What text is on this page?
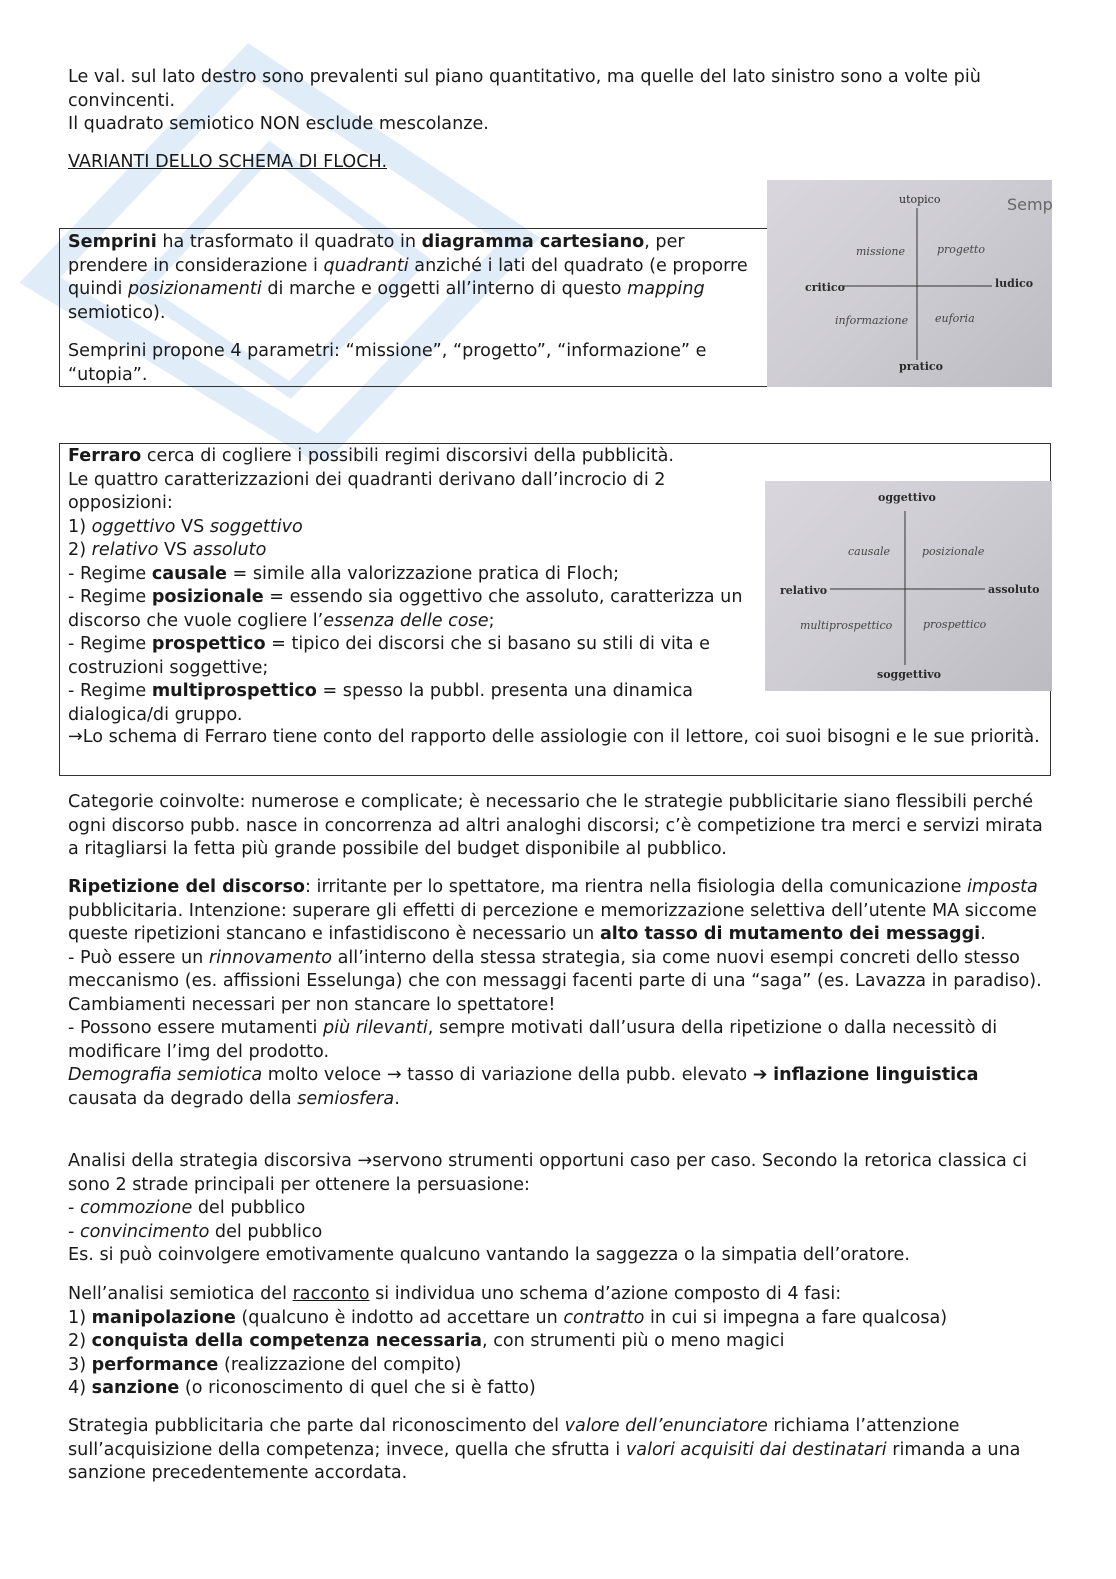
Le val. sul lato destro sono prevalenti sul piano quantitativo, ma quelle del lato sinistro sono a volte più convincenti.

Il quadrato semiotico NON esclude mescolanze.

VARIANTI DELLO SCHEMA DI FLOCH.

Semprini ha trasformato il quadrato in diagramma cartesiano, per prendere in considerazione i quadranti anziché i lati del quadrato (e proporre quindi posizionamenti di marche e oggetti all’interno di questo mapping semiotico).

Semprini propone 4 parametri: “missione”, “progetto”, “informazione” e “utopia”.

utopico
pratico
critico	ludico
missione	progetto
informazione euforia
Semp

Ferraro cerca di cogliere i possibili regimi discorsivi della pubblicità.

Le quattro caratterizzazioni dei quadranti derivano dall’incrocio di 2 opposizioni:

1) oggettivo VS soggettivo

2) relativo VS assoluto

- Regime causale = simile alla valorizzazione pratica di Floch;

- Regime posizionale = essendo sia oggettivo che assoluto, caratterizza un discorso che vuole cogliere l’essenza delle cose;

- Regime prospettico = tipico dei discorsi che si basano su stili di vita e costruzioni soggettive;

- Regime multiprospettico = spesso la pubbl. presenta una dinamica dialogica/di gruppo.

→Lo schema di Ferraro tiene conto del rapporto delle assiologie con il lettore, coi suoi bisogni e le sue priorità.

oggettivo
soggettivo
relativo	assoluto
causale	posizionale
multiprospettico	prospettico

Categorie coinvolte: numerose e complicate; è necessario che le strategie pubblicitarie siano flessibili perché ogni discorso pubb. nasce in concorrenza ad altri analoghi discorsi; c’è competizione tra merci e servizi mirata a ritagliarsi la fetta più grande possibile del budget disponibile al pubblico.

Ripetizione del discorso: irritante per lo spettatore, ma rientra nella fisiologia della comunicazione imposta pubblicitaria. Intenzione: superare gli effetti di percezione e memorizzazione selettiva dell’utente MA siccome queste ripetizioni stancano e infastidiscono è necessario un alto tasso di mutamento dei messaggi.

- Può essere un rinnovamento all’interno della stessa strategia, sia come nuovi esempi concreti dello stesso meccanismo (es. affissioni Esselunga) che con messaggi facenti parte di una “saga” (es. Lavazza in paradiso). Cambiamenti necessari per non stancare lo spettatore!

- Possono essere mutamenti più rilevanti, sempre motivati dall’usura della ripetizione o dalla necessitò di modificare l’img del prodotto.

Demografia semiotica molto veloce → tasso di variazione della pubb. elevato ➔ inflazione linguistica causata da degrado della semiosfera.

Analisi della strategia discorsiva →servono strumenti opportuni caso per caso. Secondo la retorica classica ci sono 2 strade principali per ottenere la persuasione:

- commozione del pubblico

- convincimento del pubblico

Es. si può coinvolgere emotivamente qualcuno vantando la saggezza o la simpatia dell’oratore.

Nell’analisi semiotica del racconto si individua uno schema d’azione composto di 4 fasi:

1) manipolazione (qualcuno è indotto ad accettare un contratto in cui si impegna a fare qualcosa)

2) conquista della competenza necessaria, con strumenti più o meno magici

3) performance (realizzazione del compito)

4) sanzione (o riconoscimento di quel che si è fatto)

Strategia pubblicitaria che parte dal riconoscimento del valore dell’enunciatore richiama l’attenzione sull’acquisizione della competenza; invece, quella che sfrutta i valori acquisiti dai destinatari rimanda a una sanzione precedentemente accordata.
